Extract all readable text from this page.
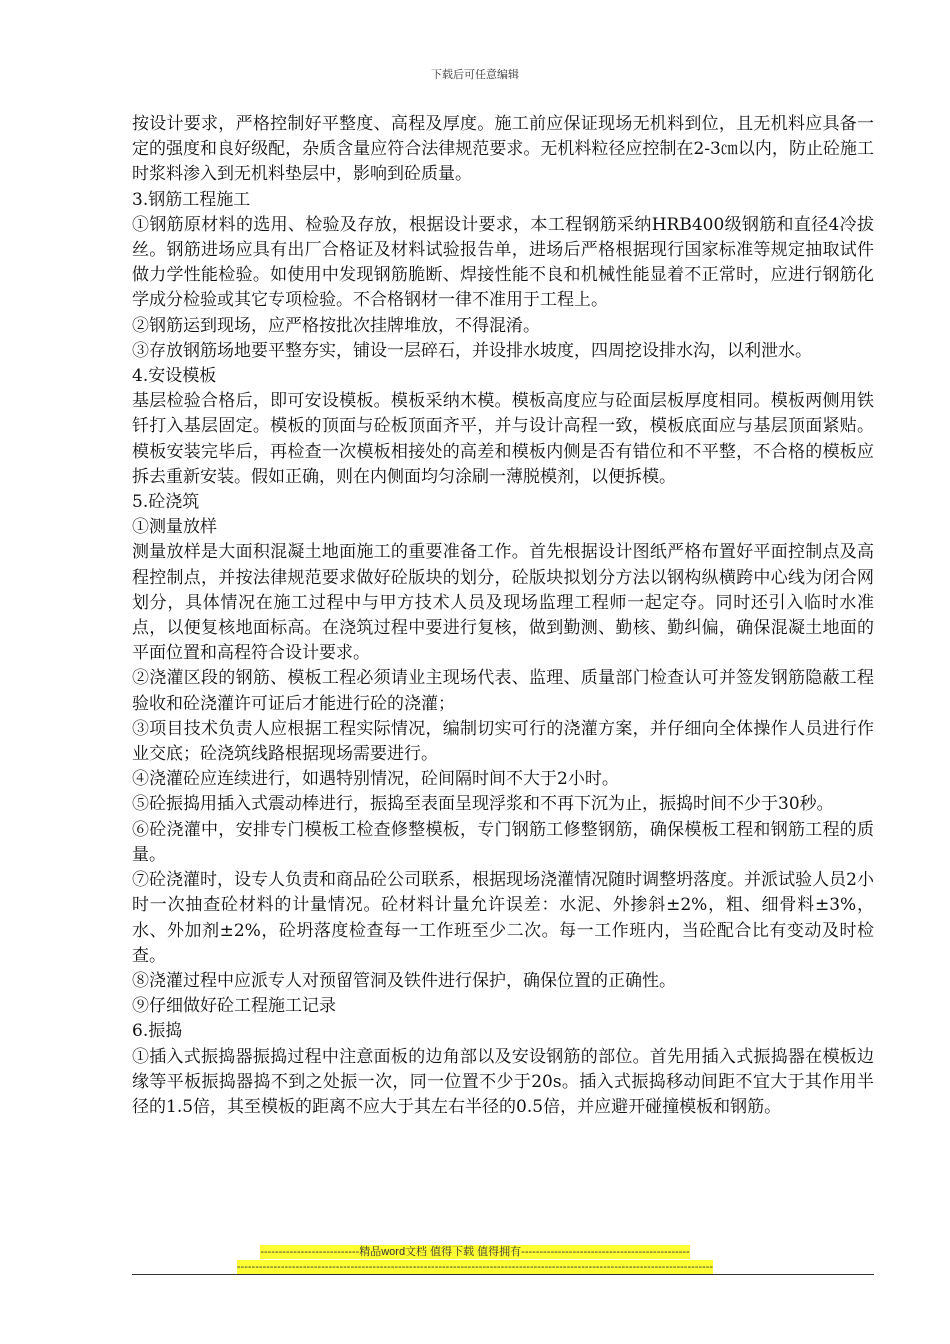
下载后可任意编辑

按设计要求，严格控制好平整度、高程及厚度。施工前应保证现场无机料到位，且无机料应具备一定的强度和良好级配，杂质含量应符合法律规范要求。无机料粒径应控制在2-3㎝以内，防止砼施工时浆料渗入到无机料垫层中，影响到砼质量。

3.钢筋工程施工

①钢筋原材料的选用、检验及存放，根据设计要求，本工程钢筋采纳HRB400级钢筋和直径4冷拔丝。钢筋进场应具有出厂合格证及材料试验报告单，进场后严格根据现行国家标准等规定抽取试件做力学性能检验。如使用中发现钢筋脆断、焊接性能不良和机械性能显着不正常时，应进行钢筋化学成分检验或其它专项检验。不合格钢材一律不准用于工程上。

②钢筋运到现场，应严格按批次挂牌堆放，不得混淆。

③存放钢筋场地要平整夯实，铺设一层碎石，并设排水坡度，四周挖设排水沟，以利泄水。

4.安设模板

基层检验合格后，即可安设模板。模板采纳木模。模板高度应与砼面层板厚度相同。模板两侧用铁钎打入基层固定。模板的顶面与砼板顶面齐平，并与设计高程一致，模板底面应与基层顶面紧贴。模板安装完毕后，再检查一次模板相接处的高差和模板内侧是否有错位和不平整，不合格的模板应拆去重新安装。假如正确，则在内侧面均匀涂刷一薄脱模剂，以便拆模。

5.砼浇筑

①测量放样

测量放样是大面积混凝土地面施工的重要准备工作。首先根据设计图纸严格布置好平面控制点及高程控制点，并按法律规范要求做好砼版块的划分，砼版块拟划分方法以钢构纵横跨中心线为闭合网划分，具体情况在施工过程中与甲方技术人员及现场监理工程师一起定夺。同时还引入临时水准点，以便复核地面标高。在浇筑过程中要进行复核，做到勤测、勤核、勤纠偏，确保混凝土地面的平面位置和高程符合设计要求。

②浇灌区段的钢筋、模板工程必须请业主现场代表、监理、质量部门检查认可并签发钢筋隐蔽工程验收和砼浇灌许可证后才能进行砼的浇灌；

③项目技术负责人应根据工程实际情况，编制切实可行的浇灌方案，并仔细向全体操作人员进行作业交底；砼浇筑线路根据现场需要进行。

④浇灌砼应连续进行，如遇特别情况，砼间隔时间不大于2小时。

⑤砼振捣用插入式震动棒进行，振捣至表面呈现浮浆和不再下沉为止，振捣时间不少于30秒。

⑥砼浇灌中，安排专门模板工检查修整模板，专门钢筋工修整钢筋，确保模板工程和钢筋工程的质量。

⑦砼浇灌时，设专人负责和商品砼公司联系，根据现场浇灌情况随时调整坍落度。并派试验人员2小时一次抽查砼材料的计量情况。砼材料计量允许误差：水泥、外掺斜±2%，粗、细骨料±3%，水、外加剂±2%，砼坍落度检查每一工作班至少二次。每一工作班内，当砼配合比有变动及时检查。

⑧浇灌过程中应派专人对预留管洞及铁件进行保护，确保位置的正确性。

⑨仔细做好砼工程施工记录

6.振捣

①插入式振捣器振捣过程中注意面板的边角部以及安设钢筋的部位。首先用插入式振捣器在模板边缘等平板振捣器捣不到之处振一次，同一位置不少于20s。插入式振捣移动间距不宜大于其作用半径的1.5倍，其至模板的距离不应大于其左右半径的0.5倍，并应避开碰撞模板和钢筋。

---------------------------精品word文档 值得下载 值得拥有----------------------------------------------
----------------------------------------------------------------------------------------------------------------------------------
